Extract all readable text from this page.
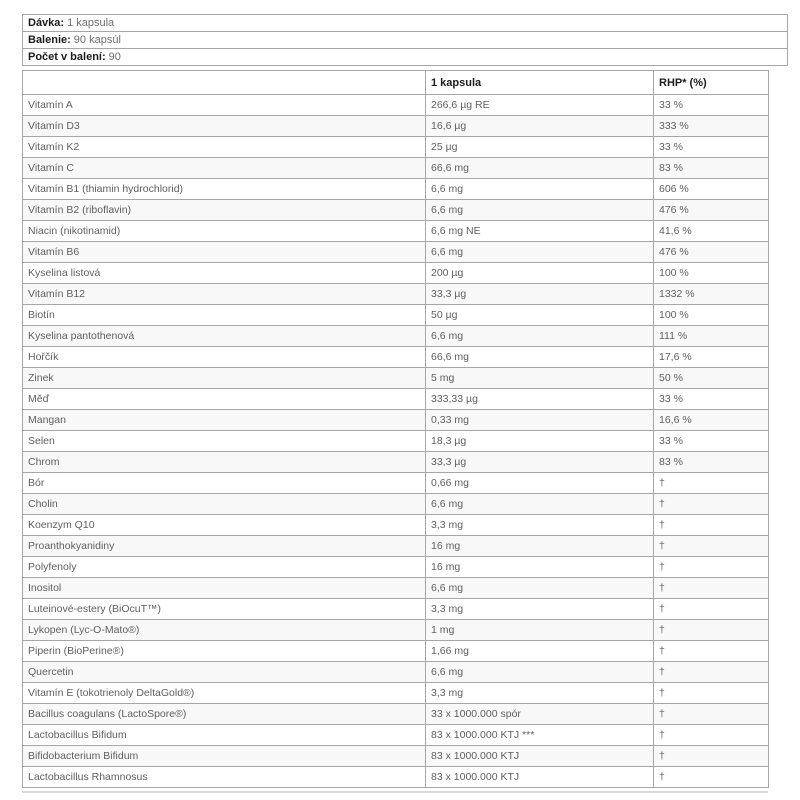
Dávka: 1 kapsula
Balenie: 90 kapsúl
Počet v balení: 90
	1 kapsula	RHP* (%)
Vitamín A	266,6 µg RE	33 %
Vitamín D3	16,6 µg	333 %
Vitamín K2	25 µg	33 %
Vitamín C	66,6 mg	83 %
Vitamín B1 (thiamin hydrochlorid)	6,6 mg	606 %
Vitamín B2 (riboflavin)	6,6 mg	476 %
Niacin (nikotinamid)	6,6 mg NE	41,6 %
Vitamín B6	6,6 mg	476 %
Kyselina listová	200 µg	100 %
Vitamín B12	33,3 µg	1332 %
Biotín	50 µg	100 %
Kyselina pantothenová	6,6 mg	111 %
Hořčík	66,6 mg	17,6 %
Zinek	5 mg	50 %
Měď	333,33 µg	33 %
Mangan	0,33 mg	16,6 %
Selen	18,3 µg	33 %
Chrom	33,3 µg	83 %
Bór	0,66 mg	†
Cholin	6,6 mg	†
Koenzym Q10	3,3 mg	†
Proanthokyanidiny	16 mg	†
Polyfenoly	16 mg	†
Inositol	6,6 mg	†
Luteinové-estery (BiOcuT™)	3,3 mg	†
Lykopen (Lyc-O-Mato®)	1 mg	†
Piperin (BioPerine®)	1,66 mg	†
Quercetin	6,6 mg	†
Vitamín E (tokotrienoly DeltaGold®)	3,3 mg	†
Bacillus coagulans (LactoSpore®)	33 x 1000.000 spór	†
Lactobacillus Bifidum	83 x 1000.000 KTJ ***	†
Bifidobacterium Bifidum	83 x 1000.000 KTJ	†
Lactobacillus Rhamnosus	83 x 1000.000 KTJ	†
